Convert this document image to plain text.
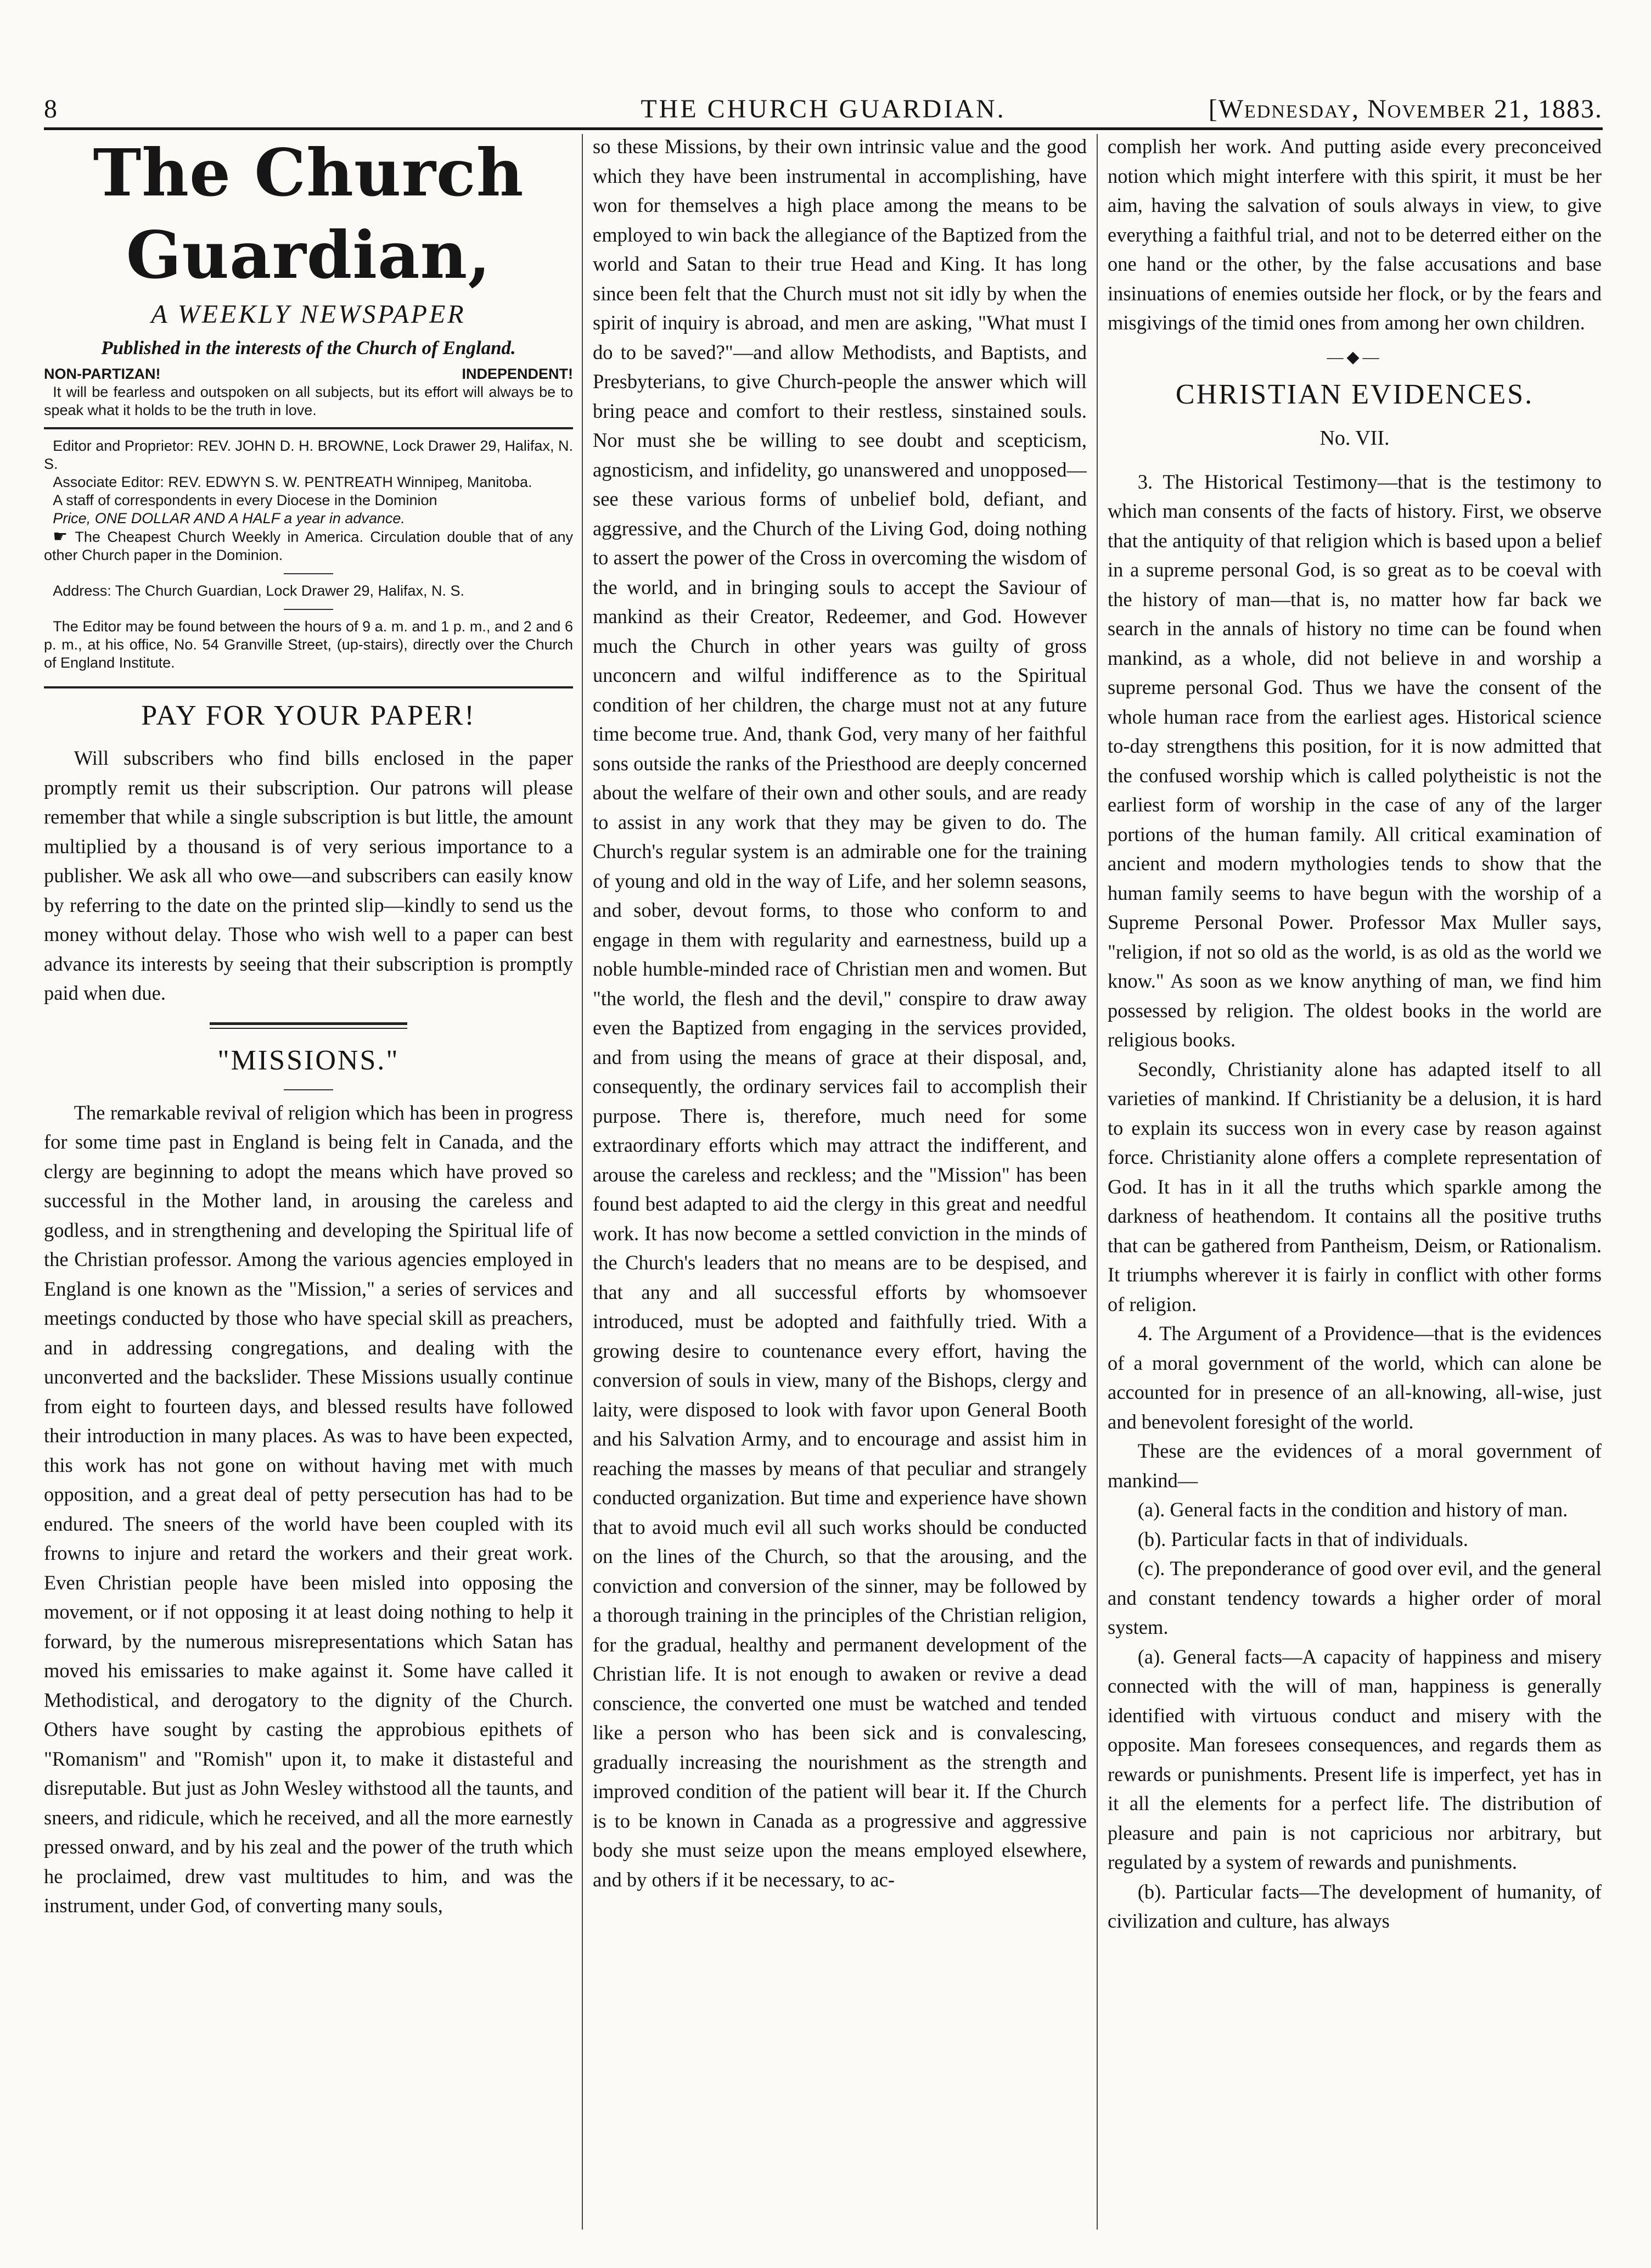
8	THE CHURCH GUARDIAN.	[Wednesday, November 21, 1883.
The Church Guardian,
A WEEKLY NEWSPAPER
Published in the interests of the Church of England.
NON-PARTIZAN!	INDEPENDENT!

It will be fearless and outspoken on all subjects, but its effort will always be to speak what it holds to be the truth in love.

Editor and Proprietor: REV. JOHN D. H. BROWNE, Lock Drawer 29, Halifax, N. S.

Associate Editor: REV. EDWYN S. W. PENTREATH Winnipeg, Manitoba.

A staff of correspondents in every Diocese in the Dominion

Price, ONE DOLLAR AND A HALF a year in advance.

☛ The Cheapest Church Weekly in America. Circulation double that of any other Church paper in the Dominion.

Address: The Church Guardian, Lock Drawer 29, Halifax, N. S.

The Editor may be found between the hours of 9 a. m. and 1 p. m., and 2 and 6 p. m., at his office, No. 54 Granville Street, (up-stairs), directly over the Church of England Institute.

PAY FOR YOUR PAPER!

Will subscribers who find bills enclosed in the paper promptly remit us their subscription. Our patrons will please remember that while a single subscription is but little, the amount multiplied by a thousand is of very serious importance to a publisher. We ask all who owe—and subscribers can easily know by referring to the date on the printed slip—kindly to send us the money without delay. Those who wish well to a paper can best advance its interests by seeing that their subscription is promptly paid when due.

"MISSIONS."

The remarkable revival of religion which has been in progress for some time past in England is being felt in Canada, and the clergy are beginning to adopt the means which have proved so successful in the Mother land, in arousing the careless and godless, and in strengthening and developing the Spiritual life of the Christian professor. Among the various agencies employed in England is one known as the "Mission," a series of services and meetings conducted by those who have special skill as preachers, and in addressing congregations, and dealing with the unconverted and the backslider. These Missions usually continue from eight to fourteen days, and blessed results have followed their introduction in many places. As was to have been expected, this work has not gone on without having met with much opposition, and a great deal of petty persecution has had to be endured. The sneers of the world have been coupled with its frowns to injure and retard the workers and their great work. Even Christian people have been misled into opposing the movement, or if not opposing it at least doing nothing to help it forward, by the numerous misrepresentations which Satan has moved his emissaries to make against it. Some have called it Methodistical, and derogatory to the dignity of the Church. Others have sought by casting the approbious epithets of "Romanism" and "Romish" upon it, to make it distasteful and disreputable. But just as John Wesley withstood all the taunts, and sneers, and ridicule, which he received, and all the more earnestly pressed onward, and by his zeal and the power of the truth which he proclaimed, drew vast multitudes to him, and was the instrument, under God, of converting many souls,

so these Missions, by their own intrinsic value and the good which they have been instrumental in accomplishing, have won for themselves a high place among the means to be employed to win back the allegiance of the Baptized from the world and Satan to their true Head and King. It has long since been felt that the Church must not sit idly by when the spirit of inquiry is abroad, and men are asking, "What must I do to be saved?"—and allow Methodists, and Baptists, and Presbyterians, to give Church-people the answer which will bring peace and comfort to their restless, sinstained souls. Nor must she be willing to see doubt and scepticism, agnosticism, and infidelity, go unanswered and unopposed—see these various forms of unbelief bold, defiant, and aggressive, and the Church of the Living God, doing nothing to assert the power of the Cross in overcoming the wisdom of the world, and in bringing souls to accept the Saviour of mankind as their Creator, Redeemer, and God. However much the Church in other years was guilty of gross unconcern and wilful indifference as to the Spiritual condition of her children, the charge must not at any future time become true. And, thank God, very many of her faithful sons outside the ranks of the Priesthood are deeply concerned about the welfare of their own and other souls, and are ready to assist in any work that they may be given to do. The Church's regular system is an admirable one for the training of young and old in the way of Life, and her solemn seasons, and sober, devout forms, to those who conform to and engage in them with regularity and earnestness, build up a noble humble-minded race of Christian men and women. But "the world, the flesh and the devil," conspire to draw away even the Baptized from engaging in the services provided, and from using the means of grace at their disposal, and, consequently, the ordinary services fail to accomplish their purpose. There is, therefore, much need for some extraordinary efforts which may attract the indifferent, and arouse the careless and reckless; and the "Mission" has been found best adapted to aid the clergy in this great and needful work. It has now become a settled conviction in the minds of the Church's leaders that no means are to be despised, and that any and all successful efforts by whomsoever introduced, must be adopted and faithfully tried. With a growing desire to countenance every effort, having the conversion of souls in view, many of the Bishops, clergy and laity, were disposed to look with favor upon General Booth and his Salvation Army, and to encourage and assist him in reaching the masses by means of that peculiar and strangely conducted organization. But time and experience have shown that to avoid much evil all such works should be conducted on the lines of the Church, so that the arousing, and the conviction and conversion of the sinner, may be followed by a thorough training in the principles of the Christian religion, for the gradual, healthy and permanent development of the Christian life. It is not enough to awaken or revive a dead conscience, the converted one must be watched and tended like a person who has been sick and is convalescing, gradually increasing the nourishment as the strength and improved condition of the patient will bear it. If the Church is to be known in Canada as a progressive and aggressive body she must seize upon the means employed elsewhere, and by others if it be necessary, to ac-

complish her work. And putting aside every preconceived notion which might interfere with this spirit, it must be her aim, having the salvation of souls always in view, to give everything a faithful trial, and not to be deterred either on the one hand or the other, by the false accusations and base insinuations of enemies outside her flock, or by the fears and misgivings of the timid ones from among her own children.

—◆—
CHRISTIAN EVIDENCES.
No. VII.

3. The Historical Testimony—that is the testimony to which man consents of the facts of history. First, we observe that the antiquity of that religion which is based upon a belief in a supreme personal God, is so great as to be coeval with the history of man—that is, no matter how far back we search in the annals of history no time can be found when mankind, as a whole, did not believe in and worship a supreme personal God. Thus we have the consent of the whole human race from the earliest ages. Historical science to-day strengthens this position, for it is now admitted that the confused worship which is called polytheistic is not the earliest form of worship in the case of any of the larger portions of the human family. All critical examination of ancient and modern mythologies tends to show that the human family seems to have begun with the worship of a Supreme Personal Power. Professor Max Muller says, "religion, if not so old as the world, is as old as the world we know." As soon as we know anything of man, we find him possessed by religion. The oldest books in the world are religious books.

Secondly, Christianity alone has adapted itself to all varieties of mankind. If Christianity be a delusion, it is hard to explain its success won in every case by reason against force. Christianity alone offers a complete representation of God. It has in it all the truths which sparkle among the darkness of heathendom. It contains all the positive truths that can be gathered from Pantheism, Deism, or Rationalism. It triumphs wherever it is fairly in conflict with other forms of religion.

4. The Argument of a Providence—that is the evidences of a moral government of the world, which can alone be accounted for in presence of an all-knowing, all-wise, just and benevolent foresight of the world.

These are the evidences of a moral government of mankind—

(a). General facts in the condition and history of man.

(b). Particular facts in that of individuals.

(c). The preponderance of good over evil, and the general and constant tendency towards a higher order of moral system.

(a). General facts—A capacity of happiness and misery connected with the will of man, happiness is generally identified with virtuous conduct and misery with the opposite. Man foresees consequences, and regards them as rewards or punishments. Present life is imperfect, yet has in it all the elements for a perfect life. The distribution of pleasure and pain is not capricious nor arbitrary, but regulated by a system of rewards and punishments.

(b). Particular facts—The development of humanity, of civilization and culture, has always
